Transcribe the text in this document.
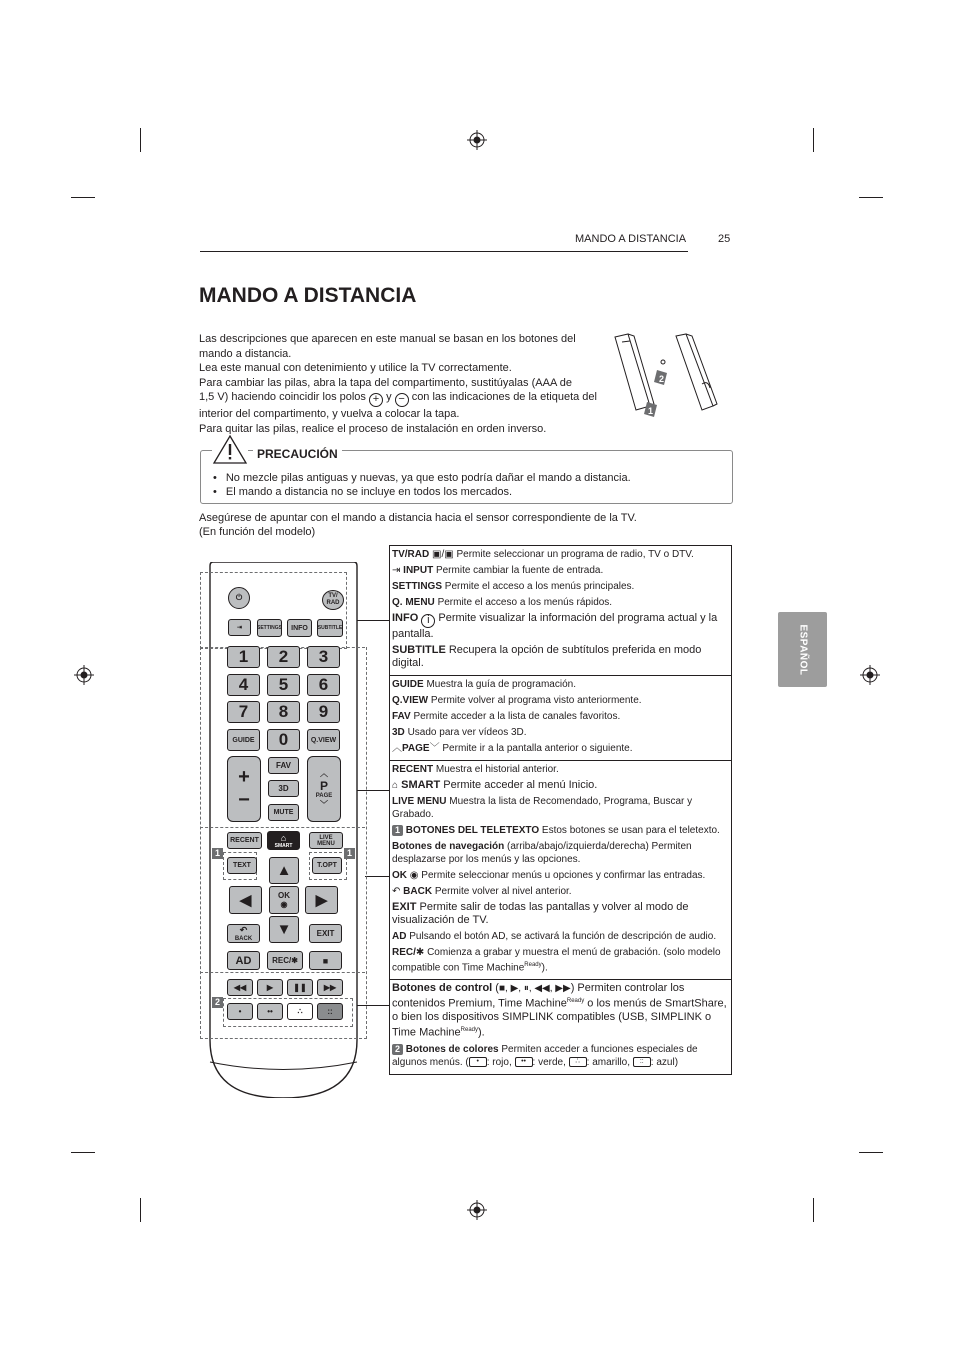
MANDO A DISTANCIA	25
MANDO A DISTANCIA

Las descripciones que aparecen en este manual se basan en los botones del mando a distancia.

Lea este manual con detenimiento y utilice la TV correctamente.

Para cambiar las pilas, abra la tapa del compartimento, sustitúyalas (AAA de

1,5 V) haciendo coincidir los polos + y − con las indicaciones de la etiqueta del interior del compartimento, y vuelva a colocar la tapa.

Para quitar las pilas, realice el proceso de instalación en orden inverso.

2
1
• No mezcle pilas antiguas y nuevas, ya que esto podría dañar el mando a distancia.
• El mando a distancia no se incluye en todos los mercados.
PRECAUCIÓN

Asegúrese de apuntar con el mando a distancia hacia el sensor correspondiente de la TV.

(En función del modelo)

ESPAÑOL

TV/RAD ▣/▣ Permite seleccionar un programa de radio, TV o DTV.

⇥ INPUT Permite cambiar la fuente de entrada.

SETTINGS Permite el acceso a los menús principales.

Q. MENU Permite el acceso a los menús rápidos.

INFO i Permite visualizar la información del programa actual y la pantalla.

SUBTITLE Recupera la opción de subtítulos preferida en modo digital.

GUIDE Muestra la guía de programación.

Q.VIEW Permite volver al programa visto anteriormente.

FAV Permite acceder a la lista de canales favoritos.

3D Usado para ver vídeos 3D.

︿PAGE﹀ Permite ir a la pantalla anterior o siguiente.

RECENT Muestra el historial anterior.

⌂ SMART Permite acceder al menú Inicio.

LIVE MENU Muestra la lista de Recomendado, Programa, Buscar y Grabado.

1 BOTONES DEL TELETEXTO Estos botones se usan para el teletexto.

Botones de navegación (arriba/abajo/izquierda/derecha) Permiten desplazarse por los menús y las opciones.

OK ◉ Permite seleccionar menús u opciones y confirmar las entradas.

↶ BACK Permite volver al nivel anterior.

EXIT Permite salir de todas las pantallas y volver al modo de visualización de TV.

AD Pulsando el botón AD, se activará la función de descripción de audio.

REC/✱ Comienza a grabar y muestra el menú de grabación. (solo modelo compatible con Time Machine$^{Ready}$).

Botones de control (■, ▶, ⏸, ◀◀, ▶▶) Permiten controlar los contenidos Premium, Time Machine$^{Ready}$ o los menús de SmartShare, o bien los dispositivos SIMPLINK compatibles (USB, SIMPLINK o Time Machine$^{Ready}$).

2 Botones de colores Permiten acceder a funciones especiales de algunos menús. ( • : rojo, •• : verde, ∴ : amarillo, :: : azul)

1	1
2
⏻	TV/ RAD
⇥	SETTINGS	INFO	SUBTITLE
1	2	3
4	5	6
7	8	9
GUIDE	0	Q.VIEW
+
−
FAV
3D
MUTE
︿
P
PAGE
﹀
RECENT	⌂
SMART
LIVE MENU
TEXT	T.OPT
▲
◀	OK
◉ ▶
▼
↶
BACK
EXIT
AD	REC/ ✱	■
◀◀	▶	❚❚ ▶▶
•	••	∴	::
